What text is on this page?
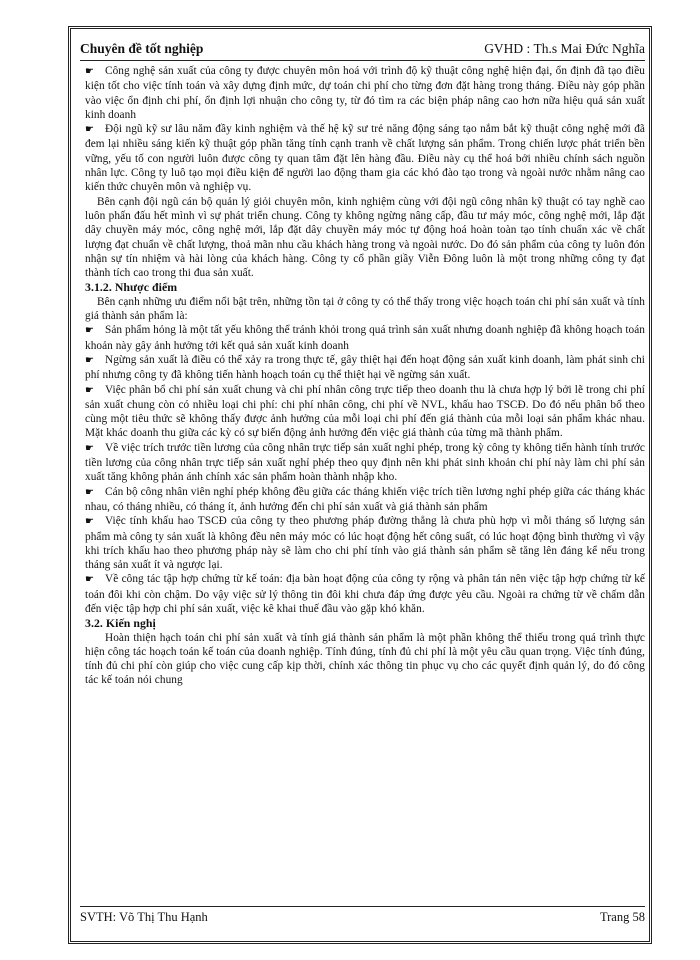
Chuyên đề tốt nghiệp	GVHD : Th.s Mai Đức Nghĩa

☛ Công nghệ sản xuất của công ty được chuyên môn hoá với trình độ kỹ thuật công nghệ hiện đại, ổn định đã tạo điều kiện tốt cho việc tính toán và xây dựng định mức, dự toán chi phí cho từng đơn đặt hàng trong tháng. Điều này góp phần vào việc ổn định chi phí, ổn định lợi nhuận cho công ty, từ đó tìm ra các biện pháp nâng cao hơn nữa hiệu quả sản xuất kinh doanh

☛ Đội ngũ kỹ sư lâu năm đầy kinh nghiệm và thế hệ kỹ sư trẻ năng động sáng tạo nắm bắt kỹ thuật công nghệ mới đã đem lại nhiều sáng kiến kỹ thuật góp phần tăng tính cạnh tranh về chất lượng sản phẩm. Trong chiến lược phát triển bền vững, yếu tố con người luôn được công ty quan tâm đặt lên hàng đầu. Điều này cụ thể hoá bởi nhiều chính sách nguồn nhân lực. Công ty luô tạo mọi điều kiện để người lao động tham gia các khó đào tạo trong và ngoài nước nhằm nâng cao kiến thức chuyên môn và nghiệp vụ.

Bên cạnh đội ngũ cán bộ quản lý giỏi chuyên môn, kinh nghiệm cùng với đội ngũ công nhân kỹ thuật có tay nghề cao luôn phấn đấu hết mình vì sự phát triển chung. Công ty không ngừng nâng cấp, đầu tư máy móc, công nghệ mới, lắp đặt dây chuyền máy móc, công nghệ mới, lắp đặt dây chuyền máy móc tự động hoá hoàn toàn tạo tính chuẩn xác về chất lượng đạt chuẩn về chất lượng, thoả mãn nhu cầu khách hàng trong và ngoài nước. Do đó sản phẩm của công ty luôn đón nhận sự tín nhiệm và hài lòng của khách hàng. Công ty cổ phần giầy Viễn Đông luôn là một trong những công ty đạt thành tích cao trong thi đua sản xuất.

3.1.2. Nhược điểm

Bên cạnh những ưu điểm nổi bật trên, những tồn tại ở công ty có thể thấy trong việc hoạch toán chi phí sản xuất và tính giá thành sản phẩm là:

☛ Sản phẩm hỏng là một tất yếu không thể tránh khỏi trong quá trình sản xuất nhưng doanh nghiệp đã không hoạch toán khoản này gây ảnh hưởng tới kết quả sản xuất kinh doanh

☛ Ngừng sản xuất là điều có thể xảy ra trong thực tế, gây thiệt hại đến hoạt động sản xuất kinh doanh, làm phát sinh chi phí nhưng công ty đã không tiến hành hoạch toán cụ thể thiệt hại về ngừng sản xuất.

☛ Việc phân bổ chi phí sản xuất chung và chi phí nhân công trực tiếp theo doanh thu là chưa hợp lý bởi lẽ trong chi phí sản xuất chung còn có nhiều loại chi phí: chi phí nhân công, chi phí về NVL, khấu hao TSCĐ. Do đó nếu phân bổ theo cùng một tiêu thức sẽ không thấy được ảnh hưởng của mỗi loại chi phí đến giá thành của mỗi loại sản phẩm khác nhau. Mặt khác doanh thu giữa các kỳ có sự biến động ảnh hưởng đến việc giá thành của từng mã thành phẩm.

☛ Về việc trích trước tiền lương của công nhân trực tiếp sản xuất nghỉ phép, trong kỳ công ty không tiến hành tính trước tiền lương của công nhân trực tiếp sản xuất nghỉ phép theo quy định nên khi phát sinh khoản chi phí này làm chi phí sản xuất tăng không phản ánh chính xác sản phẩm hoàn thành nhập kho.

☛ Cán bộ công nhân viên nghỉ phép không đều giữa các tháng khiến việc trích tiền lương nghỉ phép giữa các tháng khác nhau, có tháng nhiều, có tháng ít, ảnh hưởng đến chi phí sản xuất và giá thành sản phẩm

☛ Việc tính khấu hao TSCĐ của công ty theo phương pháp đường thẳng là chưa phù hợp vì mỗi tháng số lượng sản phẩm mà công ty sản xuất là không đều nên máy móc có lúc hoạt động hết công suất, có lúc hoạt động bình thường vì vậy khi trích khấu hao theo phương pháp này sẽ làm cho chi phí tính vào giá thành sản phẩm sẽ tăng lên đáng kể nếu trong tháng sản xuất ít và ngược lại.

☛ Về công tác tập hợp chứng từ kế toán: địa bàn hoạt động của công ty rộng và phân tán nên việc tập hợp chứng từ kế toán đôi khi còn chậm. Do vậy việc sử lý thông tin đôi khi chưa đáp ứng được yêu cầu. Ngoài ra chứng từ về chấm dẫn đến việc tập hợp chi phí sản xuất, việc kê khai thuế đầu vào gặp khó khăn.

3.2. Kiến nghị

Hoàn thiện hạch toán chi phí sản xuất và tính giá thành sản phẩm là một phần không thể thiếu trong quá trình thực hiện công tác hoạch toán kế toán của doanh nghiệp. Tính đúng, tính đủ chi phí là một yêu cầu quan trọng. Việc tính đúng, tính đủ chi phí còn giúp cho việc cung cấp kịp thời, chính xác thông tin phục vụ cho các quyết định quản lý, do đó công tác kế toán nói chung

SVTH: Võ Thị Thu Hạnh	Trang 58
